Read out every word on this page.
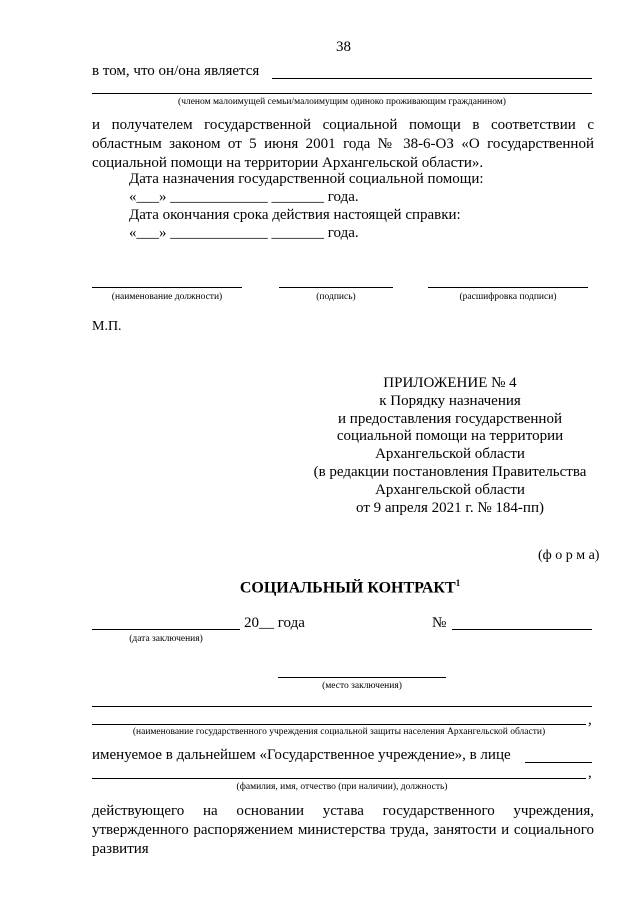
38
в том, что он/она является
(членом малоимущей семьи/малоимущим одиноко проживающим гражданином)
и получателем государственной социальной помощи в соответствии с областным законом от 5 июня 2001 года № 38-6-ОЗ «О государственной социальной помощи на территории Архангельской области».
Дата назначения государственной социальной помощи:
«___» _____________ _______ года.
Дата окончания срока действия настоящей справки:
«___» _____________ _______ года.
(наименование должности)	(подпись)	(расшифровка подписи)
М.П.
ПРИЛОЖЕНИЕ № 4
к Порядку назначения
и предоставления государственной
социальной помощи на территории
Архангельской области
(в редакции постановления Правительства
Архангельской области
от 9 апреля 2021 г. № 184-пп)
(ф о р м а)
СОЦИАЛЬНЫЙ КОНТРАКТ$^1$
20__ года	№
(дата заключения)
(место заключения)
,
(наименование государственного учреждения социальной защиты населения Архангельской области)
именуемое в дальнейшем «Государственное учреждение», в лице
,
(фамилия, имя, отчество (при наличии), должность)
действующего на основании устава государственного учреждения, утвержденного распоряжением министерства труда, занятости и социального развития
